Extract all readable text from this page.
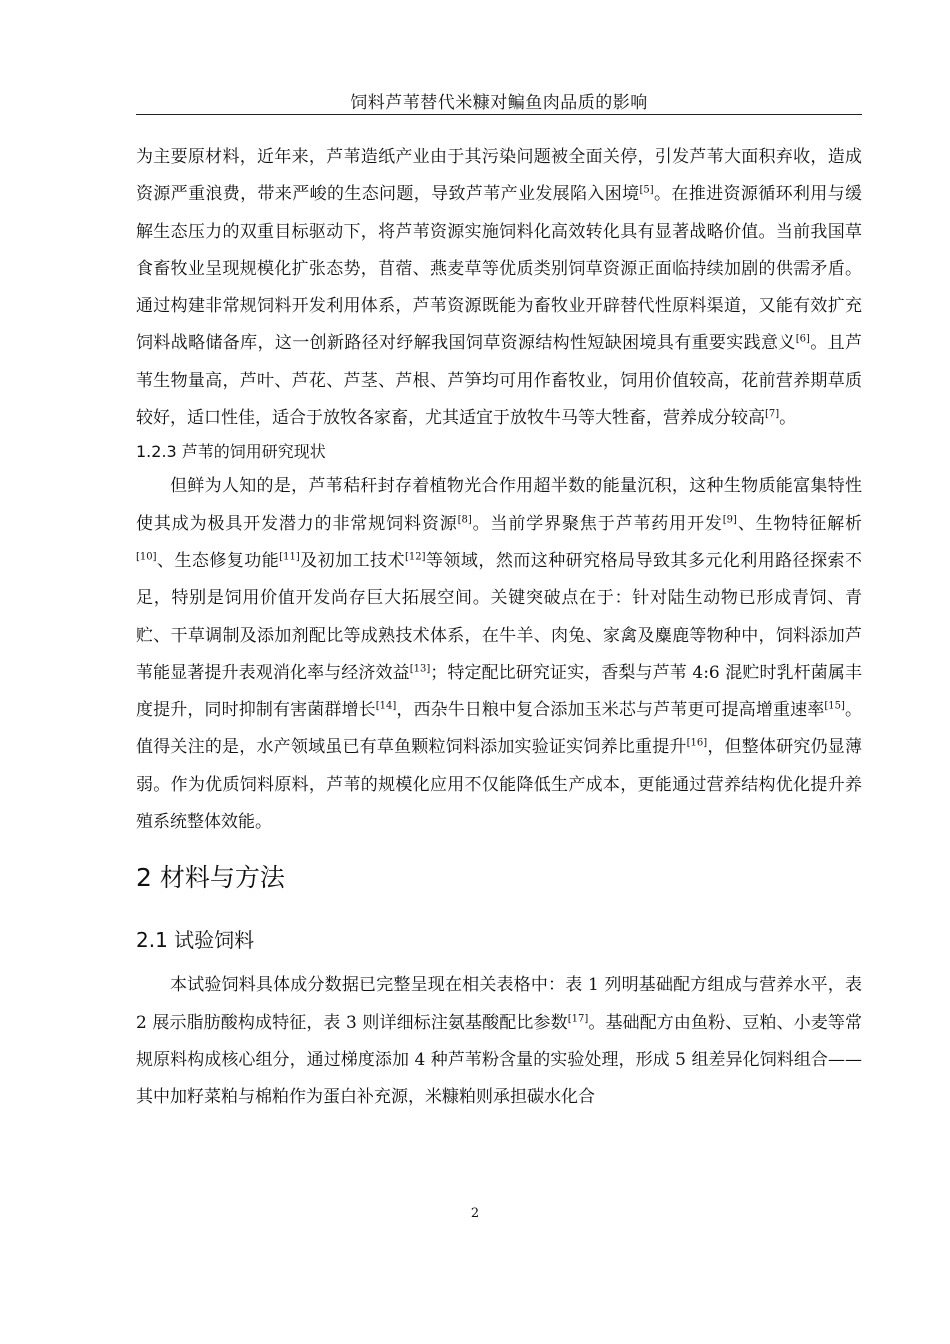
饲料芦苇替代米糠对鳊鱼肉品质的影响

为主要原材料，近年来，芦苇造纸产业由于其污染问题被全面关停，引发芦苇大面积弃收，造成资源严重浪费，带来严峻的生态问题，导致芦苇产业发展陷入困境[5]。在推进资源循环利用与缓解生态压力的双重目标驱动下，将芦苇资源实施饲料化高效转化具有显著战略价值。当前我国草食畜牧业呈现规模化扩张态势，苜蓿、燕麦草等优质类别饲草资源正面临持续加剧的供需矛盾。通过构建非常规饲料开发利用体系，芦苇资源既能为畜牧业开辟替代性原料渠道，又能有效扩充饲料战略储备库，这一创新路径对纾解我国饲草资源结构性短缺困境具有重要实践意义[6]。且芦苇生物量高，芦叶、芦花、芦茎、芦根、芦笋均可用作畜牧业，饲用价值较高，花前营养期草质较好，适口性佳，适合于放牧各家畜，尤其适宜于放牧牛马等大牲畜，营养成分较高[7]。

1.2.3 芦苇的饲用研究现状

但鲜为人知的是，芦苇秸秆封存着植物光合作用超半数的能量沉积，这种生物质能富集特性使其成为极具开发潜力的非常规饲料资源[8]。当前学界聚焦于芦苇药用开发[9]、生物特征解析[10]、生态修复功能[11]及初加工技术[12]等领域，然而这种研究格局导致其多元化利用路径探索不足，特别是饲用价值开发尚存巨大拓展空间。关键突破点在于：针对陆生动物已形成青饲、青贮、干草调制及添加剂配比等成熟技术体系，在牛羊、肉兔、家禽及麋鹿等物种中，饲料添加芦苇能显著提升表观消化率与经济效益[13]；特定配比研究证实，香梨与芦苇 4:6 混贮时乳杆菌属丰度提升，同时抑制有害菌群增长[14]，西杂牛日粮中复合添加玉米芯与芦苇更可提高增重速率[15]。值得关注的是，水产领域虽已有草鱼颗粒饲料添加实验证实饲养比重提升[16]，但整体研究仍显薄弱。作为优质饲料原料，芦苇的规模化应用不仅能降低生产成本，更能通过营养结构优化提升养殖系统整体效能。

2 材料与方法
2.1 试验饲料

本试验饲料具体成分数据已完整呈现在相关表格中：表 1 列明基础配方组成与营养水平，表 2 展示脂肪酸构成特征，表 3 则详细标注氨基酸配比参数[17]。基础配方由鱼粉、豆粕、小麦等常规原料构成核心组分，通过梯度添加 4 种芦苇粉含量的实验处理，形成 5 组差异化饲料组合——其中加籽菜粕与棉粕作为蛋白补充源，米糠粕则承担碳水化合

2
